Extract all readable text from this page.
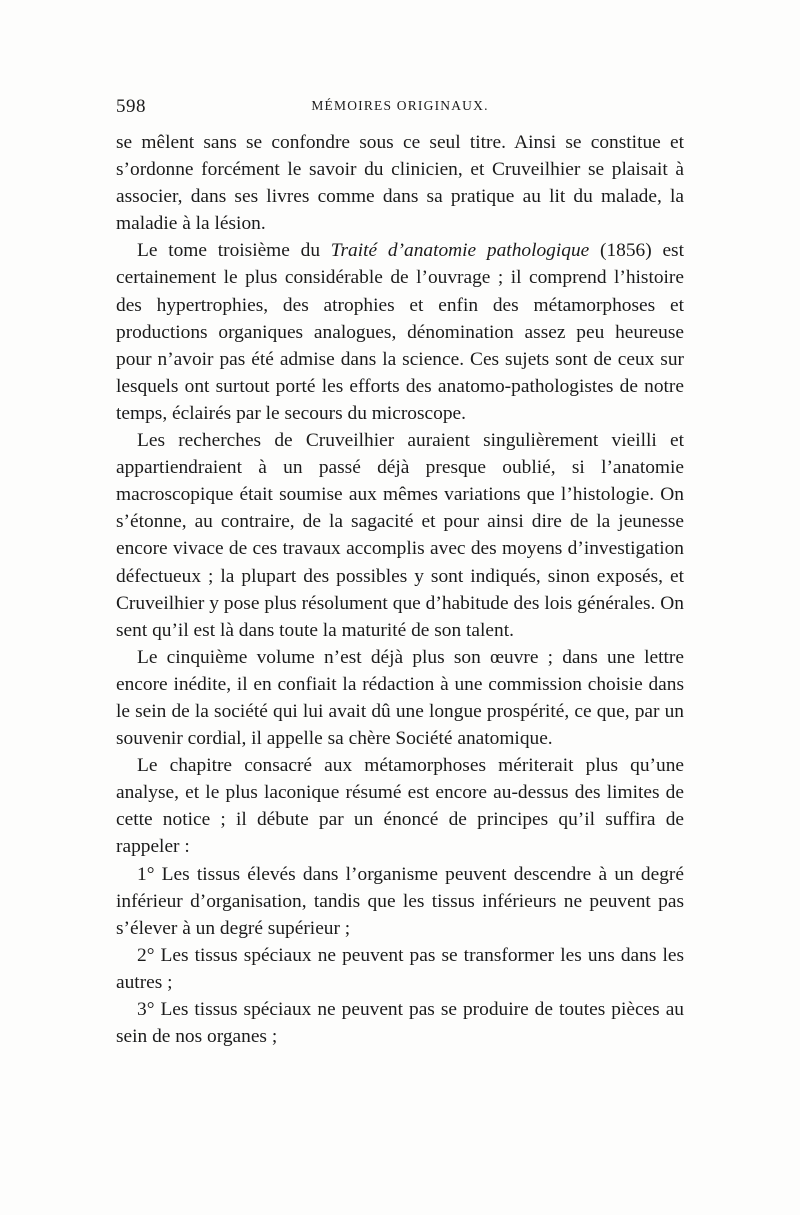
598	MÉMOIRES ORIGINAUX.

se mêlent sans se confondre sous ce seul titre. Ainsi se constitue et s’ordonne forcément le savoir du clinicien, et Cruveilhier se plaisait à associer, dans ses livres comme dans sa pratique au lit du malade, la maladie à la lésion.

Le tome troisième du Traité d’anatomie pathologique (1856) est certainement le plus considérable de l’ouvrage ; il comprend l’histoire des hypertrophies, des atrophies et enfin des métamorphoses et productions organiques analogues, dénomination assez peu heureuse pour n’avoir pas été admise dans la science. Ces sujets sont de ceux sur lesquels ont surtout porté les efforts des anatomo-pathologistes de notre temps, éclairés par le secours du microscope.

Les recherches de Cruveilhier auraient singulièrement vieilli et appartiendraient à un passé déjà presque oublié, si l’anatomie macroscopique était soumise aux mêmes variations que l’histologie. On s’étonne, au contraire, de la sagacité et pour ainsi dire de la jeunesse encore vivace de ces travaux accomplis avec des moyens d’investigation défectueux ; la plupart des possibles y sont indiqués, sinon exposés, et Cruveilhier y pose plus résolument que d’habitude des lois générales. On sent qu’il est là dans toute la maturité de son talent.

Le cinquième volume n’est déjà plus son œuvre ; dans une lettre encore inédite, il en confiait la rédaction à une commission choisie dans le sein de la société qui lui avait dû une longue prospérité, ce que, par un souvenir cordial, il appelle sa chère Société anatomique.

Le chapitre consacré aux métamorphoses mériterait plus qu’une analyse, et le plus laconique résumé est encore au-dessus des limites de cette notice ; il débute par un énoncé de principes qu’il suffira de rappeler :

1° Les tissus élevés dans l’organisme peuvent descendre à un degré inférieur d’organisation, tandis que les tissus inférieurs ne peuvent pas s’élever à un degré supérieur ;

2° Les tissus spéciaux ne peuvent pas se transformer les uns dans les autres ;

3° Les tissus spéciaux ne peuvent pas se produire de toutes pièces au sein de nos organes ;
